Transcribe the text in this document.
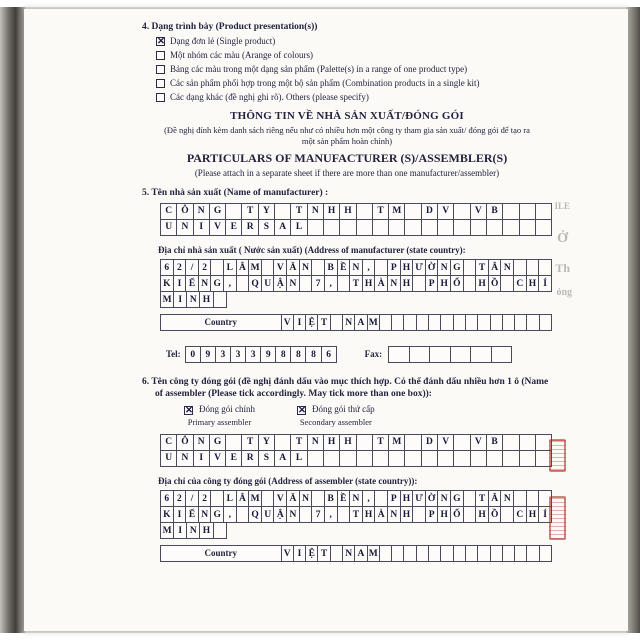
4. Dạng trình bày (Product presentation(s))
✕
Dạng đơn lẻ (Single product)
Một nhóm các màu (Arange of colours)
Bảng các màu trong một dạng sản phẩm (Palette(s) in a range of one product type)
Các sản phẩm phối hợp trong một bộ sản phẩm (Combination products in a single kit)
Các dạng khác (đề nghị ghi rõ). Others (please specify)
THÔNG TIN VỀ NHÀ SẢN XUẤT/ĐÓNG GÓI
(Đề nghị đính kèm danh sách riêng nếu như có nhiều hơn một công ty tham gia sản xuất/ đóng gói để tạo ra một sản phẩm hoàn chỉnh)
PARTICULARS OF MANUFACTURER (S)/ASSEMBLER(S)
(Please attach in a separate sheet if there are more than one manufacturer/assembler)
5. Tên nhà sản xuất (Name of manufacturer) :
C Ô N G	T	Y	T	N H H	T M	D V	V	B
U N	I	V	E	R	S	A	L
Địa chỉ nhà sản xuất ( Nước sản xuất) (Address of manufacturer (state country):
6 2 / 2	L Â M	V Ă N	B Ề N ,	P H Ư Ờ N G	T Â N
K I Ể N G ,	Q U Ậ N	7 ,	T H À N H	P H Ố	H Ồ	C H Í
M I N H
Country	V I Ệ T	N A M
Tel:	0	9	3	3	3	9	8	8	8	6	Fax:
6. Tên công ty đóng gói (đề nghị đánh dấu vào mục thích hợp. Có thể đánh dấu nhiều hơn 1 ô (Name of assembler (Please tick accordingly. May tick more than one box)):
✕
Đóng gói chính
Primary assembler
✕
Đóng gói thứ cấp
Secondary assembler
C Ô N G	T	Y	T	N H H	T M	D V	V	B
U N	I	V	E	R	S	A	L
Địa chỉ của công ty đóng gói (Address of assembler (state country)):
6 2 / 2	L Â M	V Ă N	B Ề N ,	P H Ư Ờ N G	T Â N
K I Ể N G ,	Q U Ậ N	7 ,	T H À N H	P H Ố	H Ồ	C H Í
M I N H
Country	V I Ệ T	N A M
ILE
Ở
Th
ỏng
